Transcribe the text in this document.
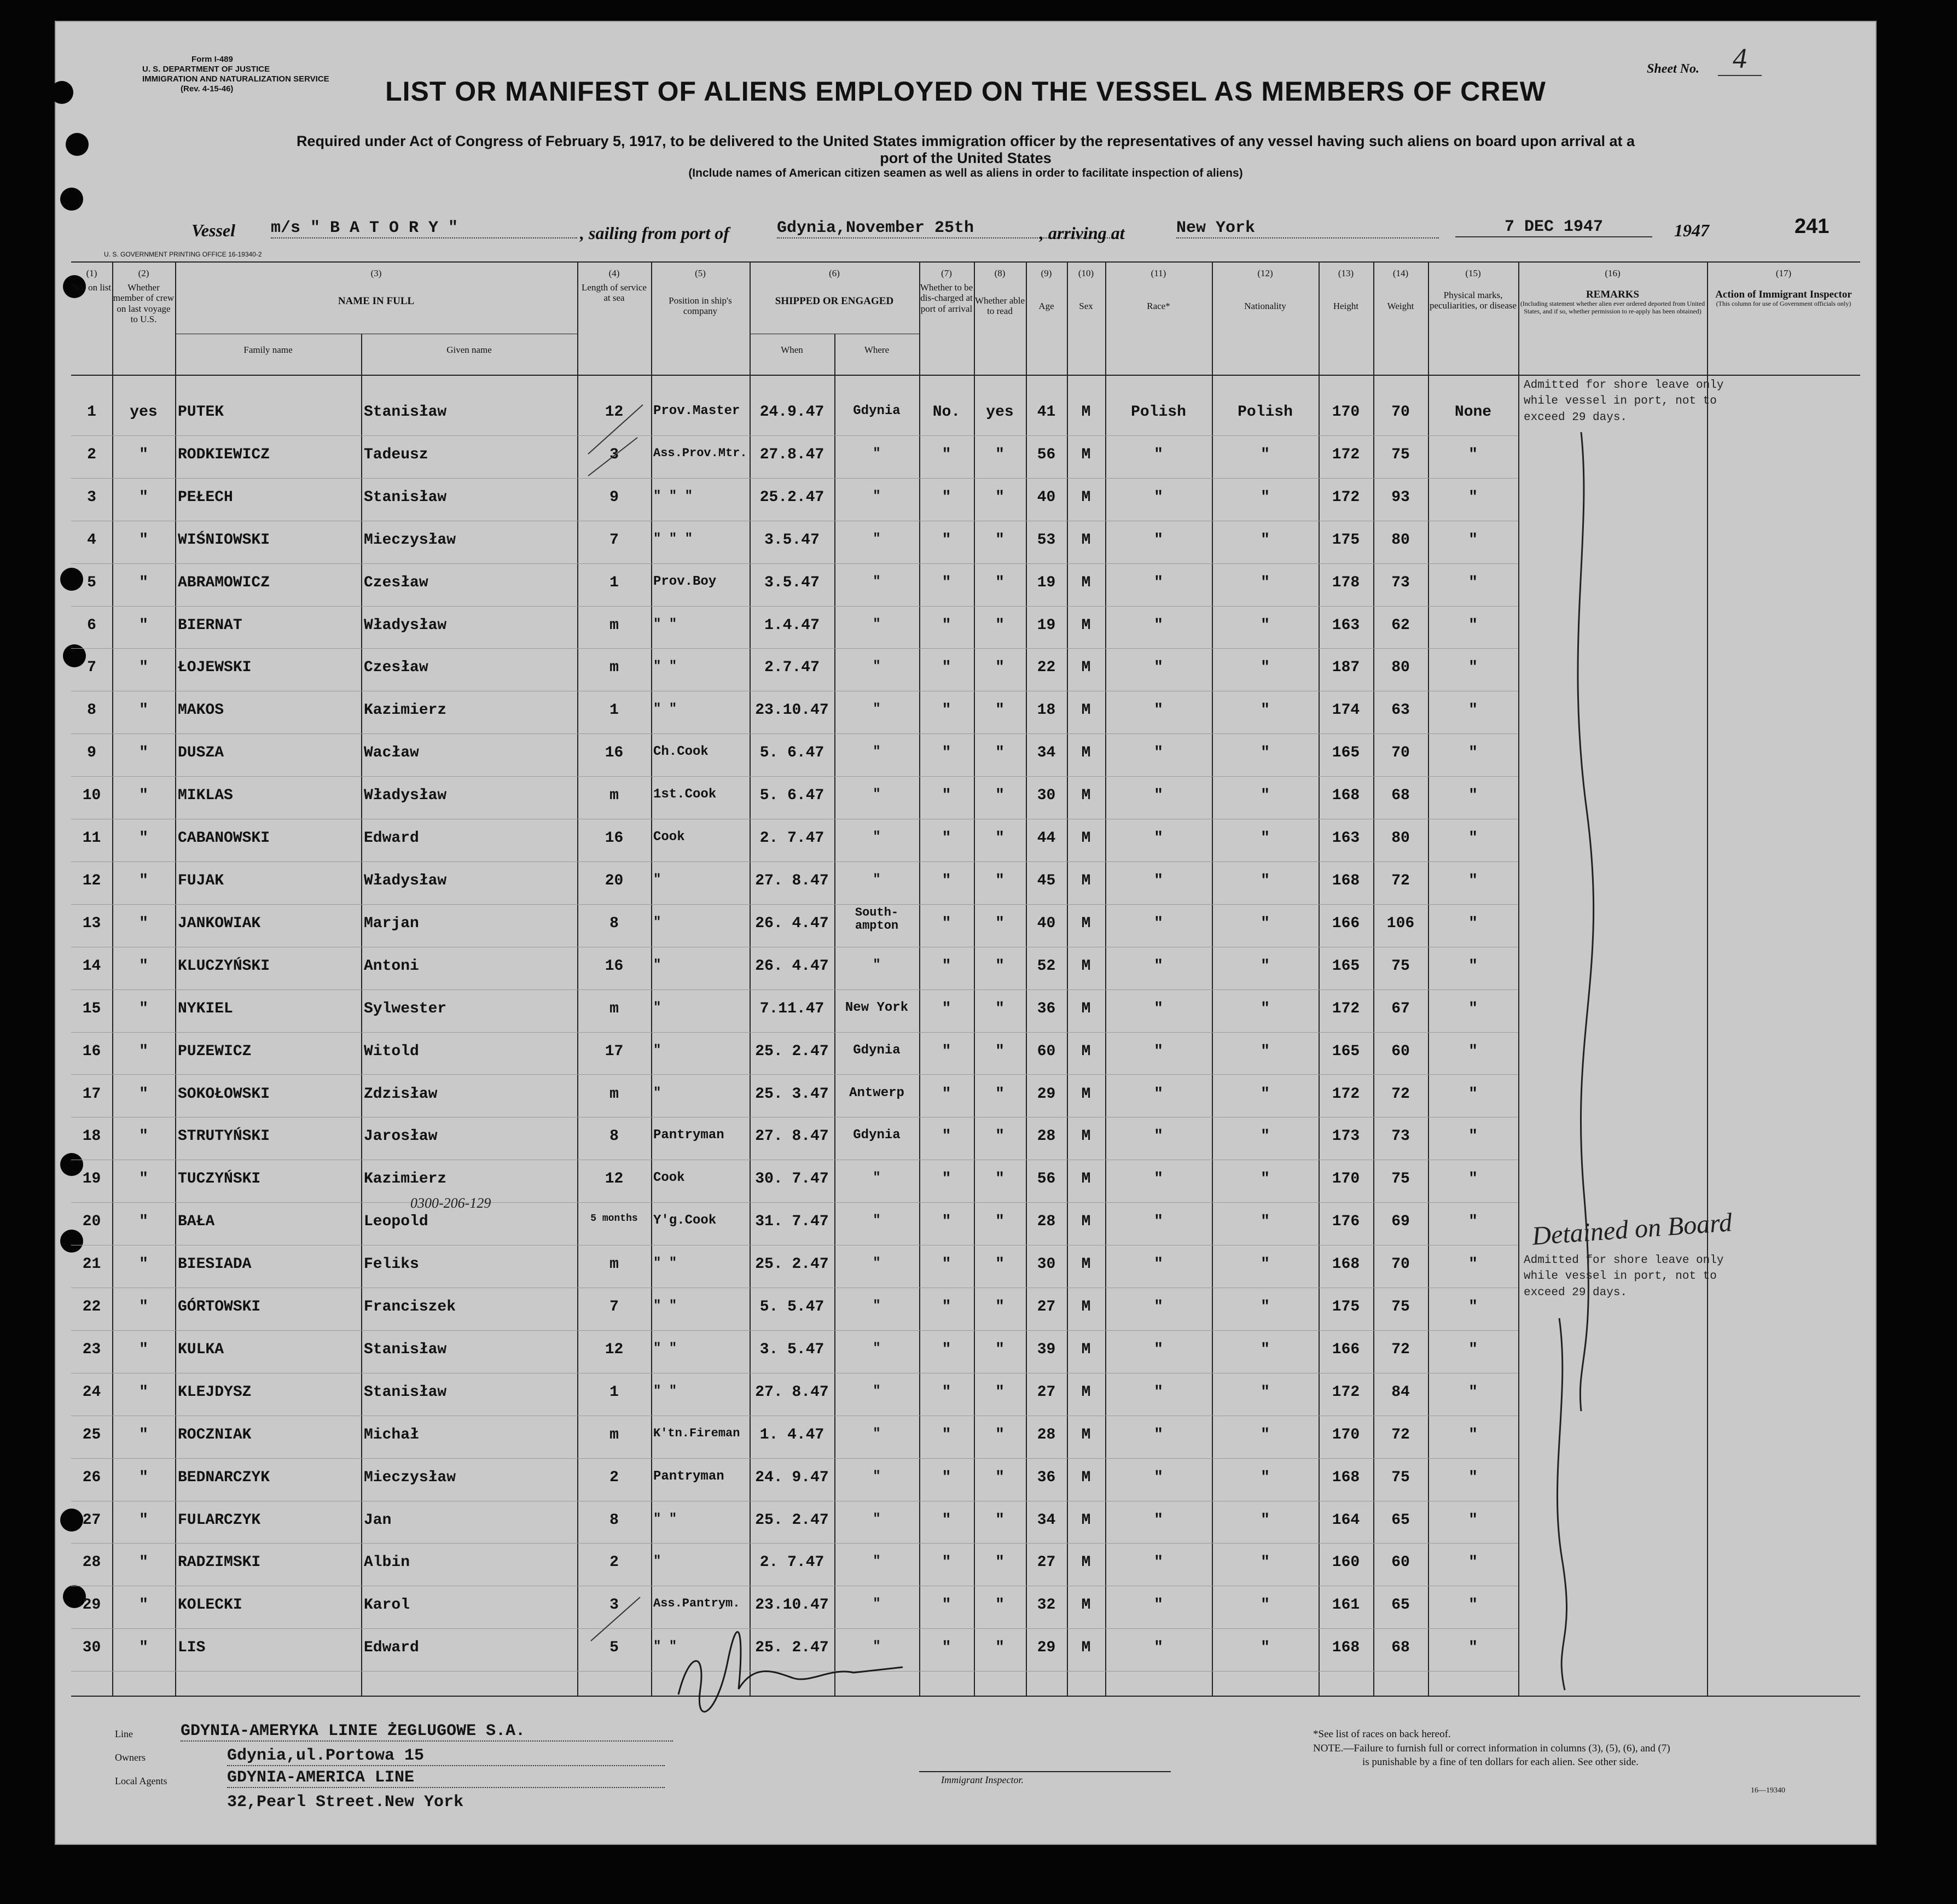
Form I-489
U. S. DEPARTMENT OF JUSTICE
IMMIGRATION AND NATURALIZATION SERVICE
(Rev. 4-15-46)
Sheet No.	4
LIST OR MANIFEST OF ALIENS EMPLOYED ON THE VESSEL AS MEMBERS OF CREW
Required under Act of Congress of February 5, 1917, to be delivered to the United States immigration officer by the representatives of any vessel having such aliens on board upon arrival at a
port of the United States
(Include names of American citizen seamen as well as aliens in order to facilitate inspection of aliens)
Vessel m/s " B A T O R Y "	, sailing from port of	Gdynia,November 25th	, arriving at	New York	7 DEC 1947	1947	241
U. S. GOVERNMENT PRINTING OFFICE 16-19340-2
(1)
No. on list
(2)
Whether member of crew on last voyage to U.S.
(3)
NAME IN FULL
Family name	Given name
(4)
Length of service at sea
(5)
Position in ship's company
(6)
SHIPPED OR ENGAGED
When	Where
(7)
Whether to be dis-charged at port of arrival
(8)
Whether able to read
(9)
Age
(10)
Sex
(11)
Race*
(12)
Nationality
(13)
Height
(14)
Weight
(15)
Physical marks, peculiarities, or disease
(16)
REMARKS
(Including statement whether alien ever ordered deported from United States, and if so, whether permission to re-apply has been obtained)
(17)
Action of Immigrant Inspector
(This column for use of Government officials only)
1	yes	PUTEK	Stanisław	12	Prov.Master	24.9.47	Gdynia	No.	yes	41	M	Polish	Polish	170	70	None
2	"	RODKIEWICZ	Tadeusz	3	Ass.Prov.Mtr. 27.8.47	"	"	"	56	M	"	"	172	75	"
3	"	PEŁECH	Stanisław	9	" " "	25.2.47	"	"	"	40	M	"	"	172	93	"
4	"	WIŚNIOWSKI	Mieczysław	7	" " "	3.5.47	"	"	"	53	M	"	"	175	80	"
5	"	ABRAMOWICZ	Czesław	1	Prov.Boy	3.5.47	"	"	"	19	M	"	"	178	73	"
6	"	BIERNAT	Władysław	m	" "	1.4.47	"	"	"	19	M	"	"	163	62	"
7	"	ŁOJEWSKI	Czesław	m	" "	2.7.47	"	"	"	22	M	"	"	187	80	"
8	"	MAKOS	Kazimierz	1	" "	23.10.47	"	"	"	18	M	"	"	174	63	"
9	"	DUSZA	Wacław	16	Ch.Cook	5. 6.47	"	"	"	34	M	"	"	165	70	"
10	"	MIKLAS	Władysław	m	1st.Cook	5. 6.47	"	"	"	30	M	"	"	168	68	"
11	"	CABANOWSKI	Edward	16	Cook	2. 7.47	"	"	"	44	M	"	"	163	80	"
12	"	FUJAK	Władysław	20	"	27. 8.47	"	"	"	45	M	"	"	168	72	"
13	"	JANKOWIAK	Marjan	8	"	26. 4.47
South-ampton	"	"	40	M	"	"	166	106	"
14	"	KLUCZYŃSKI	Antoni	16	"	26. 4.47	"	"	"	52	M	"	"	165	75	"
15	"	NYKIEL	Sylwester	m	"	7.11.47	New York	"	"	36	M	"	"	172	67	"
16	"	PUZEWICZ	Witold	17	"	25. 2.47	Gdynia	"	"	60	M	"	"	165	60	"
17	"	SOKOŁOWSKI	Zdzisław	m	"	25. 3.47	Antwerp	"	"	29	M	"	"	172	72	"
18	"	STRUTYŃSKI	Jarosław	8	Pantryman	27. 8.47	Gdynia	"	"	28	M	"	"	173	73	"
19	"	TUCZYŃSKI	Kazimierz	12	Cook	30. 7.47	"	"	"	56	M	"	"	170	75	"
20	"	BAŁA	Leopold	5 months	Y'g.Cook	31. 7.47	"	"	"	28	M	"	"	176	69	"
21	"	BIESIADA	Feliks	m	" "	25. 2.47	"	"	"	30	M	"	"	168	70	"
22	"	GÓRTOWSKI	Franciszek	7	" "	5. 5.47	"	"	"	27	M	"	"	175	75	"
23	"	KULKA	Stanisław	12	" "	3. 5.47	"	"	"	39	M	"	"	166	72	"
24	"	KLEJDYSZ	Stanisław	1	" "	27. 8.47	"	"	"	27	M	"	"	172	84	"
25	"	ROCZNIAK	Michał	m	K'tn.Fireman	1. 4.47	"	"	"	28	M	"	"	170	72	"
26	"	BEDNARCZYK	Mieczysław	2	Pantryman	24. 9.47	"	"	"	36	M	"	"	168	75	"
27	"	FULARCZYK	Jan	8	" "	25. 2.47	"	"	"	34	M	"	"	164	65	"
28	"	RADZIMSKI	Albin	2	"	2. 7.47	"	"	"	27	M	"	"	160	60	"
29	"	KOLECKI	Karol	3	Ass.Pantrym. 23.10.47	"	"	"	32	M	"	"	161	65	"
30	"	LIS	Edward	5	" "	25. 2.47	"	"	"	29	M	"	"	168	68	"
Admitted for shore leave only
while vessel in port, not to
exceed 29 days.
Detained on Board
Admitted for shore leave only
while vessel in port, not to
exceed 29 days.
0300-206-129
Line	GDYNIA-AMERYKA LINIE ŻEGLUGOWE S.A.
Owners	Gdynia,ul.Portowa 15
Local Agents	GDYNIA-AMERICA LINE
32,Pearl Street.New York
Immigrant Inspector.
*See list of races on back hereof.
NOTE.—Failure to furnish full or correct information in columns (3), (5), (6), and (7)
is punishable by a fine of ten dollars for each alien. See other side.
16—19340
